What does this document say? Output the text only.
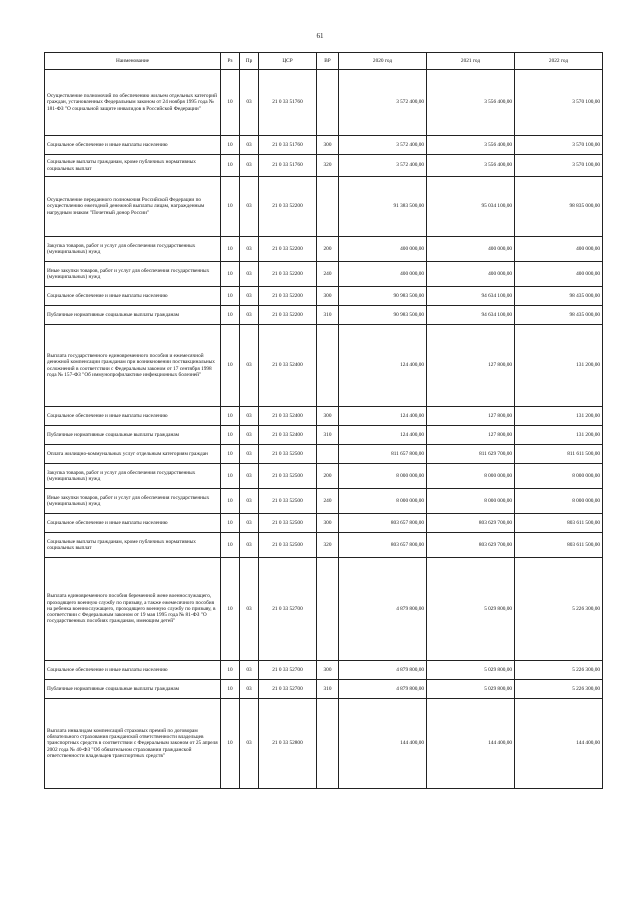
61
Наименование	Рз	Пр	ЦСР	ВР	2020 год	2021 год	2022 год
Осуществление полномочий по обеспечению жильем отдельных категорий граждан, установленных Федеральным законом от 24 ноября 1995 года № 181-ФЗ "О социальной защите инвалидов в Российской Федерации"	10	03	21 0 33 51760		3 572 400,00	3 556 400,00	3 570 100,00
Социальное обеспечение и иные выплаты населению	10	03	21 0 33 51760	300	3 572 400,00	3 556 400,00	3 570 100,00
Социальные выплаты гражданам, кроме публичных нормативных социальных выплат	10	03	21 0 33 51760	320	3 572 400,00	3 556 400,00	3 570 100,00
Осуществление переданного полномочия Российской Федерации по осуществлению ежегодной денежной выплаты лицам, награжденным нагрудным знаком "Почетный донор России"	10	03	21 0 33 52200		91 383 500,00	95 034 100,00	98 835 000,00
Закупка товаров, работ и услуг для обеспечения государственных (муниципальных) нужд	10	03	21 0 33 52200	200	400 000,00	400 000,00	400 000,00
Иные закупки товаров, работ и услуг для обеспечения государственных (муниципальных) нужд	10	03	21 0 33 52200	240	400 000,00	400 000,00	400 000,00
Социальное обеспечение и иные выплаты населению	10	03	21 0 33 52200	300	90 983 500,00	94 634 100,00	98 435 000,00
Публичные нормативные социальные выплаты гражданам	10	03	21 0 33 52200	310	90 983 500,00	94 634 100,00	98 435 000,00
Выплата государственного единовременного пособия и ежемесячной денежной компенсации гражданам при возникновении поствакцинальных осложнений в соответствии с Федеральным законом от 17 сентября 1998 года № 157-ФЗ "Об иммунопрофилактике инфекционных болезней"	10	03	21 0 33 52400		124 400,00	127 800,00	131 200,00
Социальное обеспечение и иные выплаты населению	10	03	21 0 33 52400	300	124 400,00	127 800,00	131 200,00
Публичные нормативные социальные выплаты гражданам	10	03	21 0 33 52400	310	124 400,00	127 800,00	131 200,00
Оплата жилищно-коммунальных услуг отдельным категориям граждан	10	03	21 0 33 52500		811 657 800,00	811 629 700,00	811 611 500,00
Закупка товаров, работ и услуг для обеспечения государственных (муниципальных) нужд	10	03	21 0 33 52500	200	8 000 000,00	8 000 000,00	8 000 000,00
Иные закупки товаров, работ и услуг для обеспечения государственных (муниципальных) нужд	10	03	21 0 33 52500	240	8 000 000,00	8 000 000,00	8 000 000,00
Социальное обеспечение и иные выплаты населению	10	03	21 0 33 52500	300	803 657 800,00	803 629 700,00	803 611 500,00
Социальные выплаты гражданам, кроме публичных нормативных социальных выплат	10	03	21 0 33 52500	320	803 657 800,00	803 629 700,00	803 611 500,00
Выплата единовременного пособия беременной жене военнослужащего, проходящего военную службу по призыву, а также ежемесячного пособия на ребенка военнослужащего, проходящего военную службу по призыву, в соответствии с Федеральным законом от 19 мая 1995 года № 81-ФЗ "О государственных пособиях гражданам, имеющим детей"	10	03	21 0 33 52700		4 879 800,00	5 029 800,00	5 226 300,00
Социальное обеспечение и иные выплаты населению	10	03	21 0 33 52700	300	4 879 800,00	5 029 800,00	5 226 300,00
Публичные нормативные социальные выплаты гражданам	10	03	21 0 33 52700	310	4 879 800,00	5 029 800,00	5 226 300,00
Выплата инвалидам компенсаций страховых премий по договорам обязательного страхования гражданской ответственности владельцев транспортных средств в соответствии с Федеральным законом от 25 апреля 2002 года № 40-ФЗ "Об обязательном страховании гражданской ответственности владельцев транспортных средств"	10	03	21 0 33 52800		144 400,00	144 400,00	144 400,00
